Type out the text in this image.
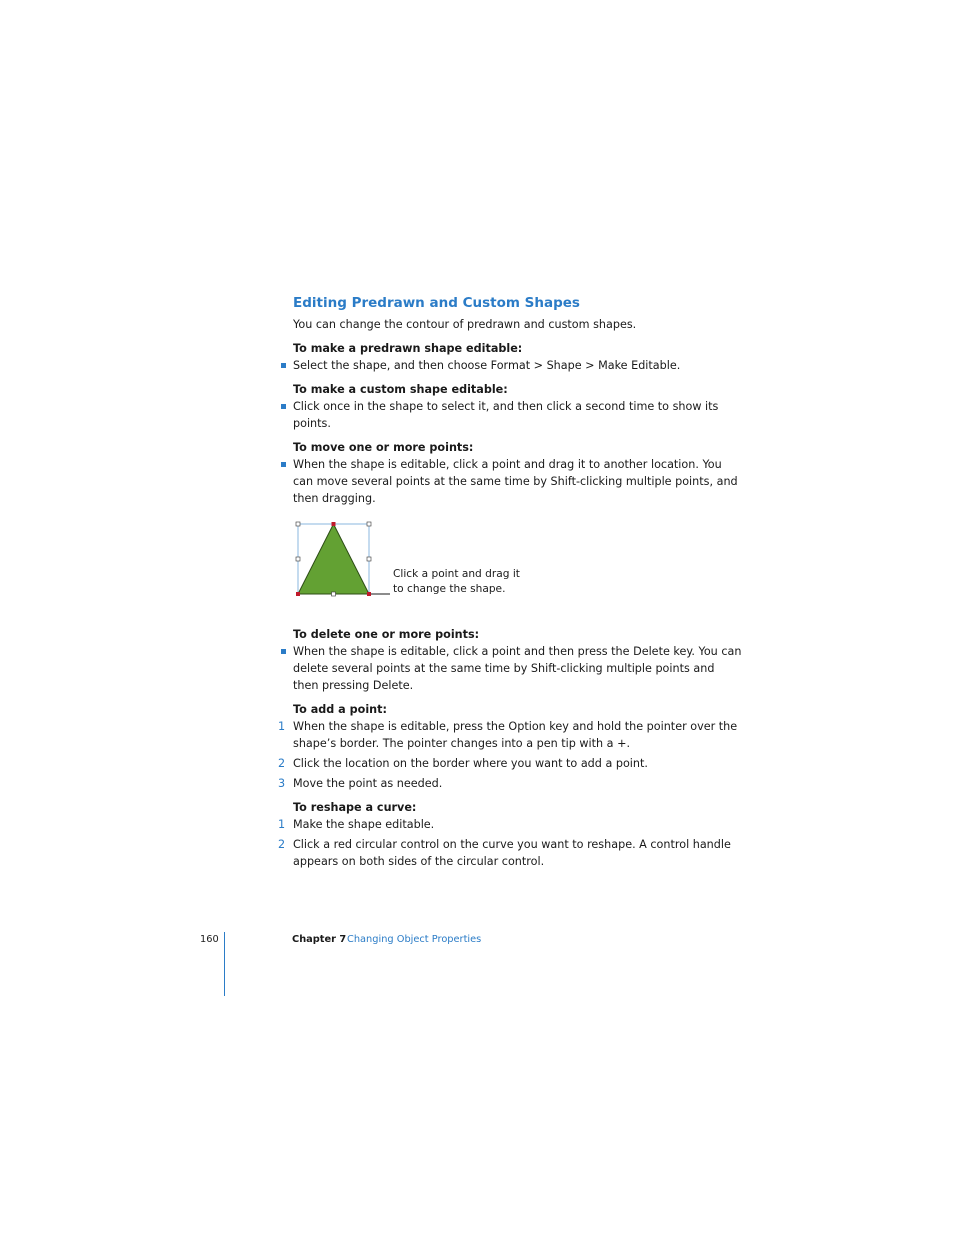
Editing Predrawn and Custom Shapes

You can change the contour of predrawn and custom shapes.

To make a predrawn shape editable:

Select the shape, and then choose Format > Shape > Make Editable.

To make a custom shape editable:

Click once in the shape to select it, and then click a second time to show its points.

To move one or more points:

When the shape is editable, click a point and drag it to another location. You can move several points at the same time by Shift-clicking multiple points, and then dragging.
Click a point and drag it
to change the shape.

To delete one or more points:

When the shape is editable, click a point and then press the Delete key. You can delete several points at the same time by Shift-clicking multiple points and then pressing Delete.

To add a point:

1 When the shape is editable, press the Option key and hold the pointer over the shape’s border. The pointer changes into a pen tip with a +.
2 Click the location on the border where you want to add a point.
3 Move the point as needed.

To reshape a curve:

1 Make the shape editable.
2 Click a red circular control on the curve you want to reshape. A control handle appears on both sides of the circular control.
160	Chapter 7 Changing Object Properties
